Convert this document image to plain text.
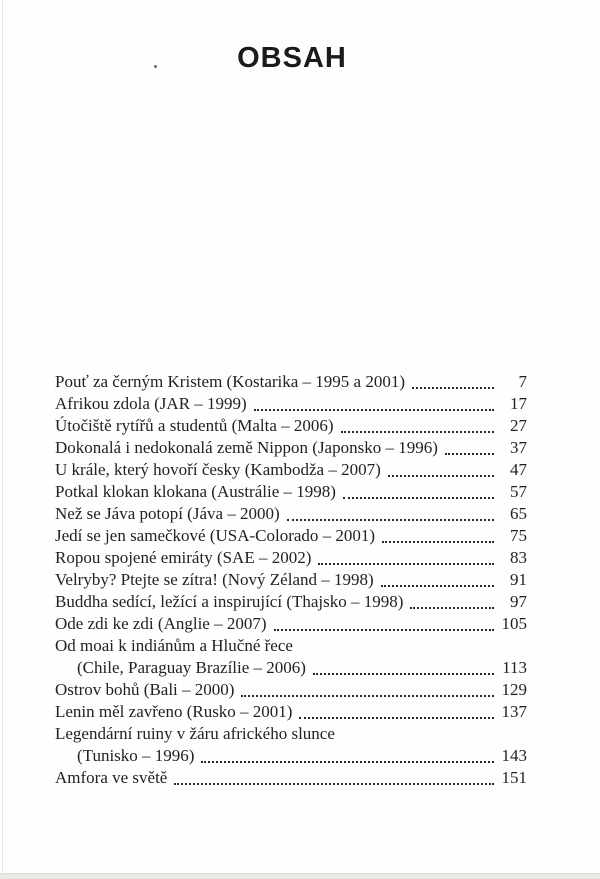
OBSAH
Pouť za černým Kristem (Kostarika – 1995 a 2001)	7
Afrikou zdola (JAR – 1999)	17
Útočiště rytířů a studentů (Malta – 2006)	27
Dokonalá i nedokonalá země Nippon (Japonsko – 1996)	37
U krále, který hovoří česky (Kambodža – 2007)	47
Potkal klokan klokana (Austrálie – 1998)	57
Než se Jáva potopí (Jáva – 2000)	65
Jedí se jen samečkové (USA-Colorado – 2001)	75
Ropou spojené emiráty (SAE – 2002)	83
Velryby? Ptejte se zítra! (Nový Zéland – 1998)	91
Buddha sedící, ležící a inspirující (Thajsko – 1998)	97
Ode zdi ke zdi (Anglie – 2007)	105
Od moai k indiánům a Hlučné řece
(Chile, Paraguay Brazílie – 2006)	113
Ostrov bohů (Bali – 2000)	129
Lenin měl zavřeno (Rusko – 2001)	137
Legendární ruiny v žáru afrického slunce
(Tunisko – 1996)	143
Amfora ve světě	151
